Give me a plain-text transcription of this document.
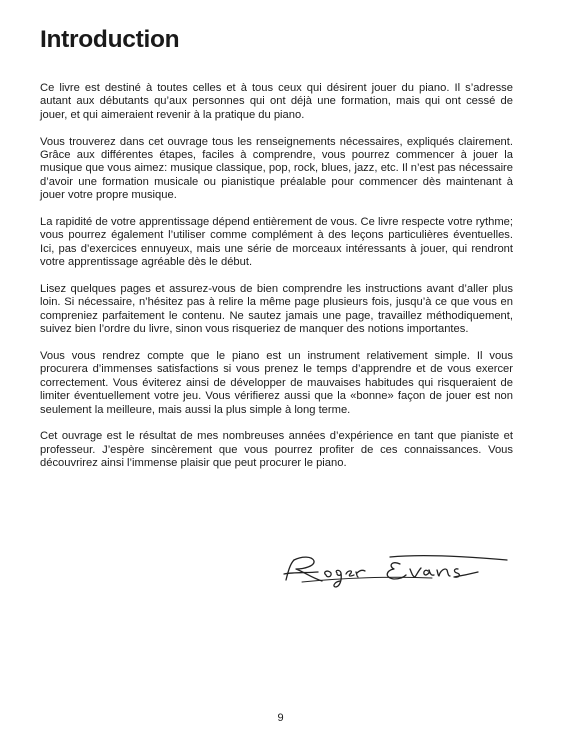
Introduction

Ce livre est destiné à toutes celles et à tous ceux qui désirent jouer du piano. Il s’adresse autant aux débutants qu’aux personnes qui ont déjà une formation, mais qui ont cessé de jouer, et qui aimeraient revenir à la pratique du piano.

Vous trouverez dans cet ouvrage tous les renseignements nécessaires, expliqués clairement. Grâce aux différentes étapes, faciles à comprendre, vous pourrez commencer à jouer la musique que vous aimez: musique classique, pop, rock, blues, jazz, etc. Il n’est pas nécessaire d’avoir une formation musicale ou pianistique préalable pour commencer dès maintenant à jouer votre propre musique.

La rapidité de votre apprentissage dépend entièrement de vous. Ce livre respecte votre rythme; vous pourrez également l’utiliser comme complément à des leçons particulières éventuelles. Ici, pas d’exercices ennuyeux, mais une série de morceaux intéressants à jouer, qui rendront votre apprentissage agréable dès le début.

Lisez quelques pages et assurez-vous de bien comprendre les instructions avant d’aller plus loin. Si nécessaire, n’hésitez pas à relire la même page plusieurs fois, jusqu’à ce que vous en compreniez parfaitement le contenu. Ne sautez jamais une page, travaillez méthodiquement, suivez bien l’ordre du livre, sinon vous risqueriez de manquer des notions importantes.

Vous vous rendrez compte que le piano est un instrument relativement simple. Il vous procurera d’immenses satisfactions si vous prenez le temps d’apprendre et de vous exercer correctement. Vous éviterez ainsi de développer de mauvaises habitudes qui risqueraient de limiter éventuellement votre jeu. Vous vérifierez aussi que la «bonne» façon de jouer est non seulement la meilleure, mais aussi la plus simple à long terme.

Cet ouvrage est le résultat de mes nombreuses années d’expérience en tant que pianiste et professeur. J’espère sincèrement que vous pourrez profiter de ces connaissances. Vous découvrirez ainsi l’immense plaisir que peut procurer le piano.

9
